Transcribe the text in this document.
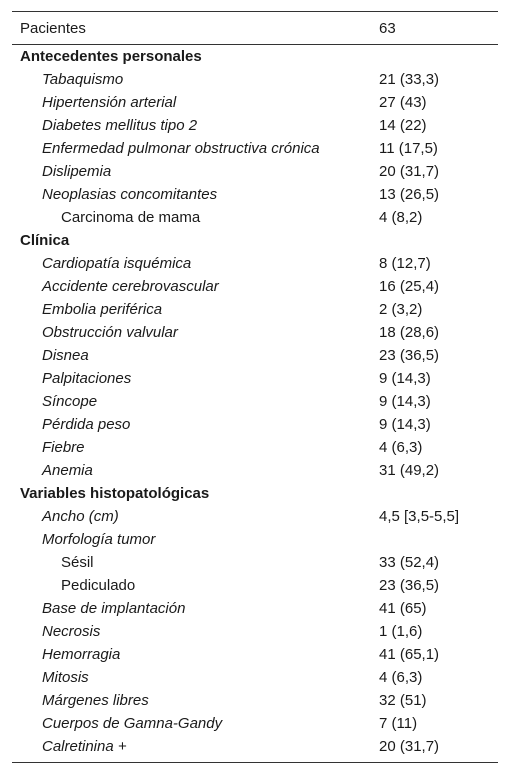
Pacientes	63
Antecedentes personales
Tabaquismo	21 (33,3)
Hipertensión arterial	27 (43)
Diabetes mellitus tipo 2	14 (22)
Enfermedad pulmonar obstructiva crónica	11 (17,5)
Dislipemia	20 (31,7)
Neoplasias concomitantes	13 (26,5)
Carcinoma de mama	4 (8,2)
Clínica
Cardiopatía isquémica	8 (12,7)
Accidente cerebrovascular	16 (25,4)
Embolia periférica	2 (3,2)
Obstrucción valvular	18 (28,6)
Disnea	23 (36,5)
Palpitaciones	9 (14,3)
Síncope	9 (14,3)
Pérdida peso	9 (14,3)
Fiebre	4 (6,3)
Anemia	31 (49,2)
Variables histopatológicas
Ancho (cm)	4,5 [3,5-5,5]
Morfología tumor
Sésil	33 (52,4)
Pediculado	23 (36,5)
Base de implantación	41 (65)
Necrosis	1 (1,6)
Hemorragia	41 (65,1)
Mitosis	4 (6,3)
Márgenes libres	32 (51)
Cuerpos de Gamna-Gandy	7 (11)
Calretinina +	20 (31,7)
